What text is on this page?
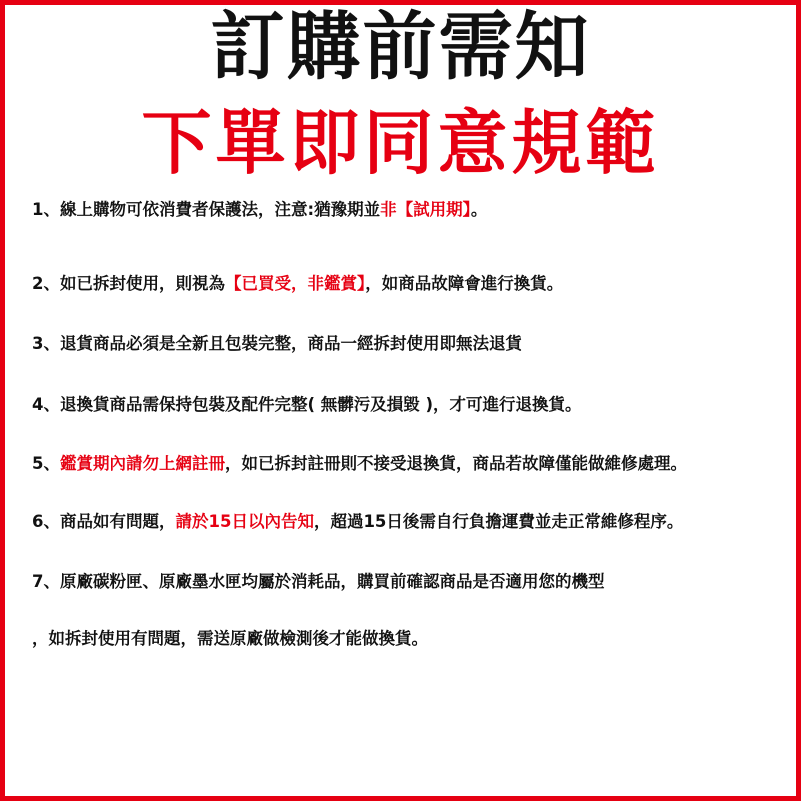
訂購前需知
下單即同意規範
1、線上購物可依消費者保護法，注意:猶豫期並非【試用期】。
2、如已拆封使用，則視為【已買受，非鑑賞】，如商品故障會進行換貨。
3、退貨商品必須是全新且包裝完整，商品一經拆封使用即無法退貨
4、退換貨商品需保持包裝及配件完整( 無髒污及損毀 )，才可進行退換貨。
5、鑑賞期內請勿上網註冊，如已拆封註冊則不接受退換貨，商品若故障僅能做維修處理。
6、商品如有問題，請於15日以內告知，超過15日後需自行負擔運費並走正常維修程序。
7、原廠碳粉匣、原廠墨水匣均屬於消耗品，購買前確認商品是否適用您的機型
，如拆封使用有問題，需送原廠做檢測後才能做換貨。
